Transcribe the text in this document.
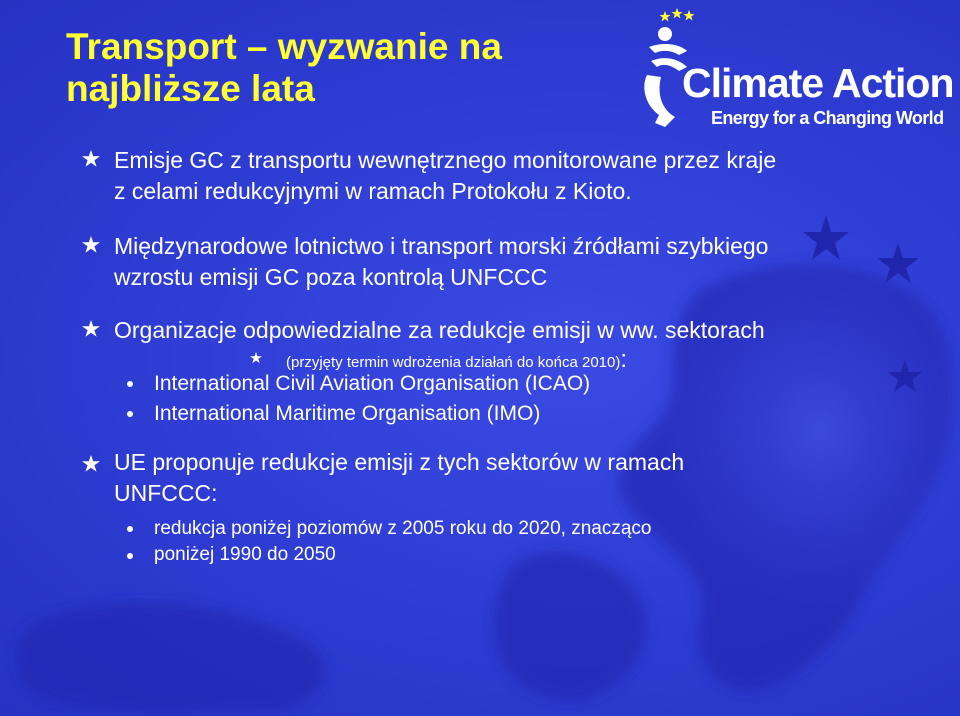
Transport – wyzwanie na
najbliższe lata	Climate Action
Energy for a Changing World
Emisje GC z transportu wewnętrznego monitorowane przez kraje
z celami redukcyjnymi w ramach Protokołu z Kioto.
Międzynarodowe lotnictwo i transport morski źródłami szybkiego
wzrostu emisji GC poza kontrolą UNFCCC
Organizacje odpowiedzialne za redukcje emisji w ww. sektorach
(przyjęty termin wdrożenia działań do końca 2010):
International Civil Aviation Organisation (ICAO)
International Maritime Organisation (IMO)
UE proponuje redukcje emisji z tych sektorów w ramach
UNFCCC:
redukcja poniżej poziomów z 2005 roku do 2020, znacząco
poniżej 1990 do 2050
